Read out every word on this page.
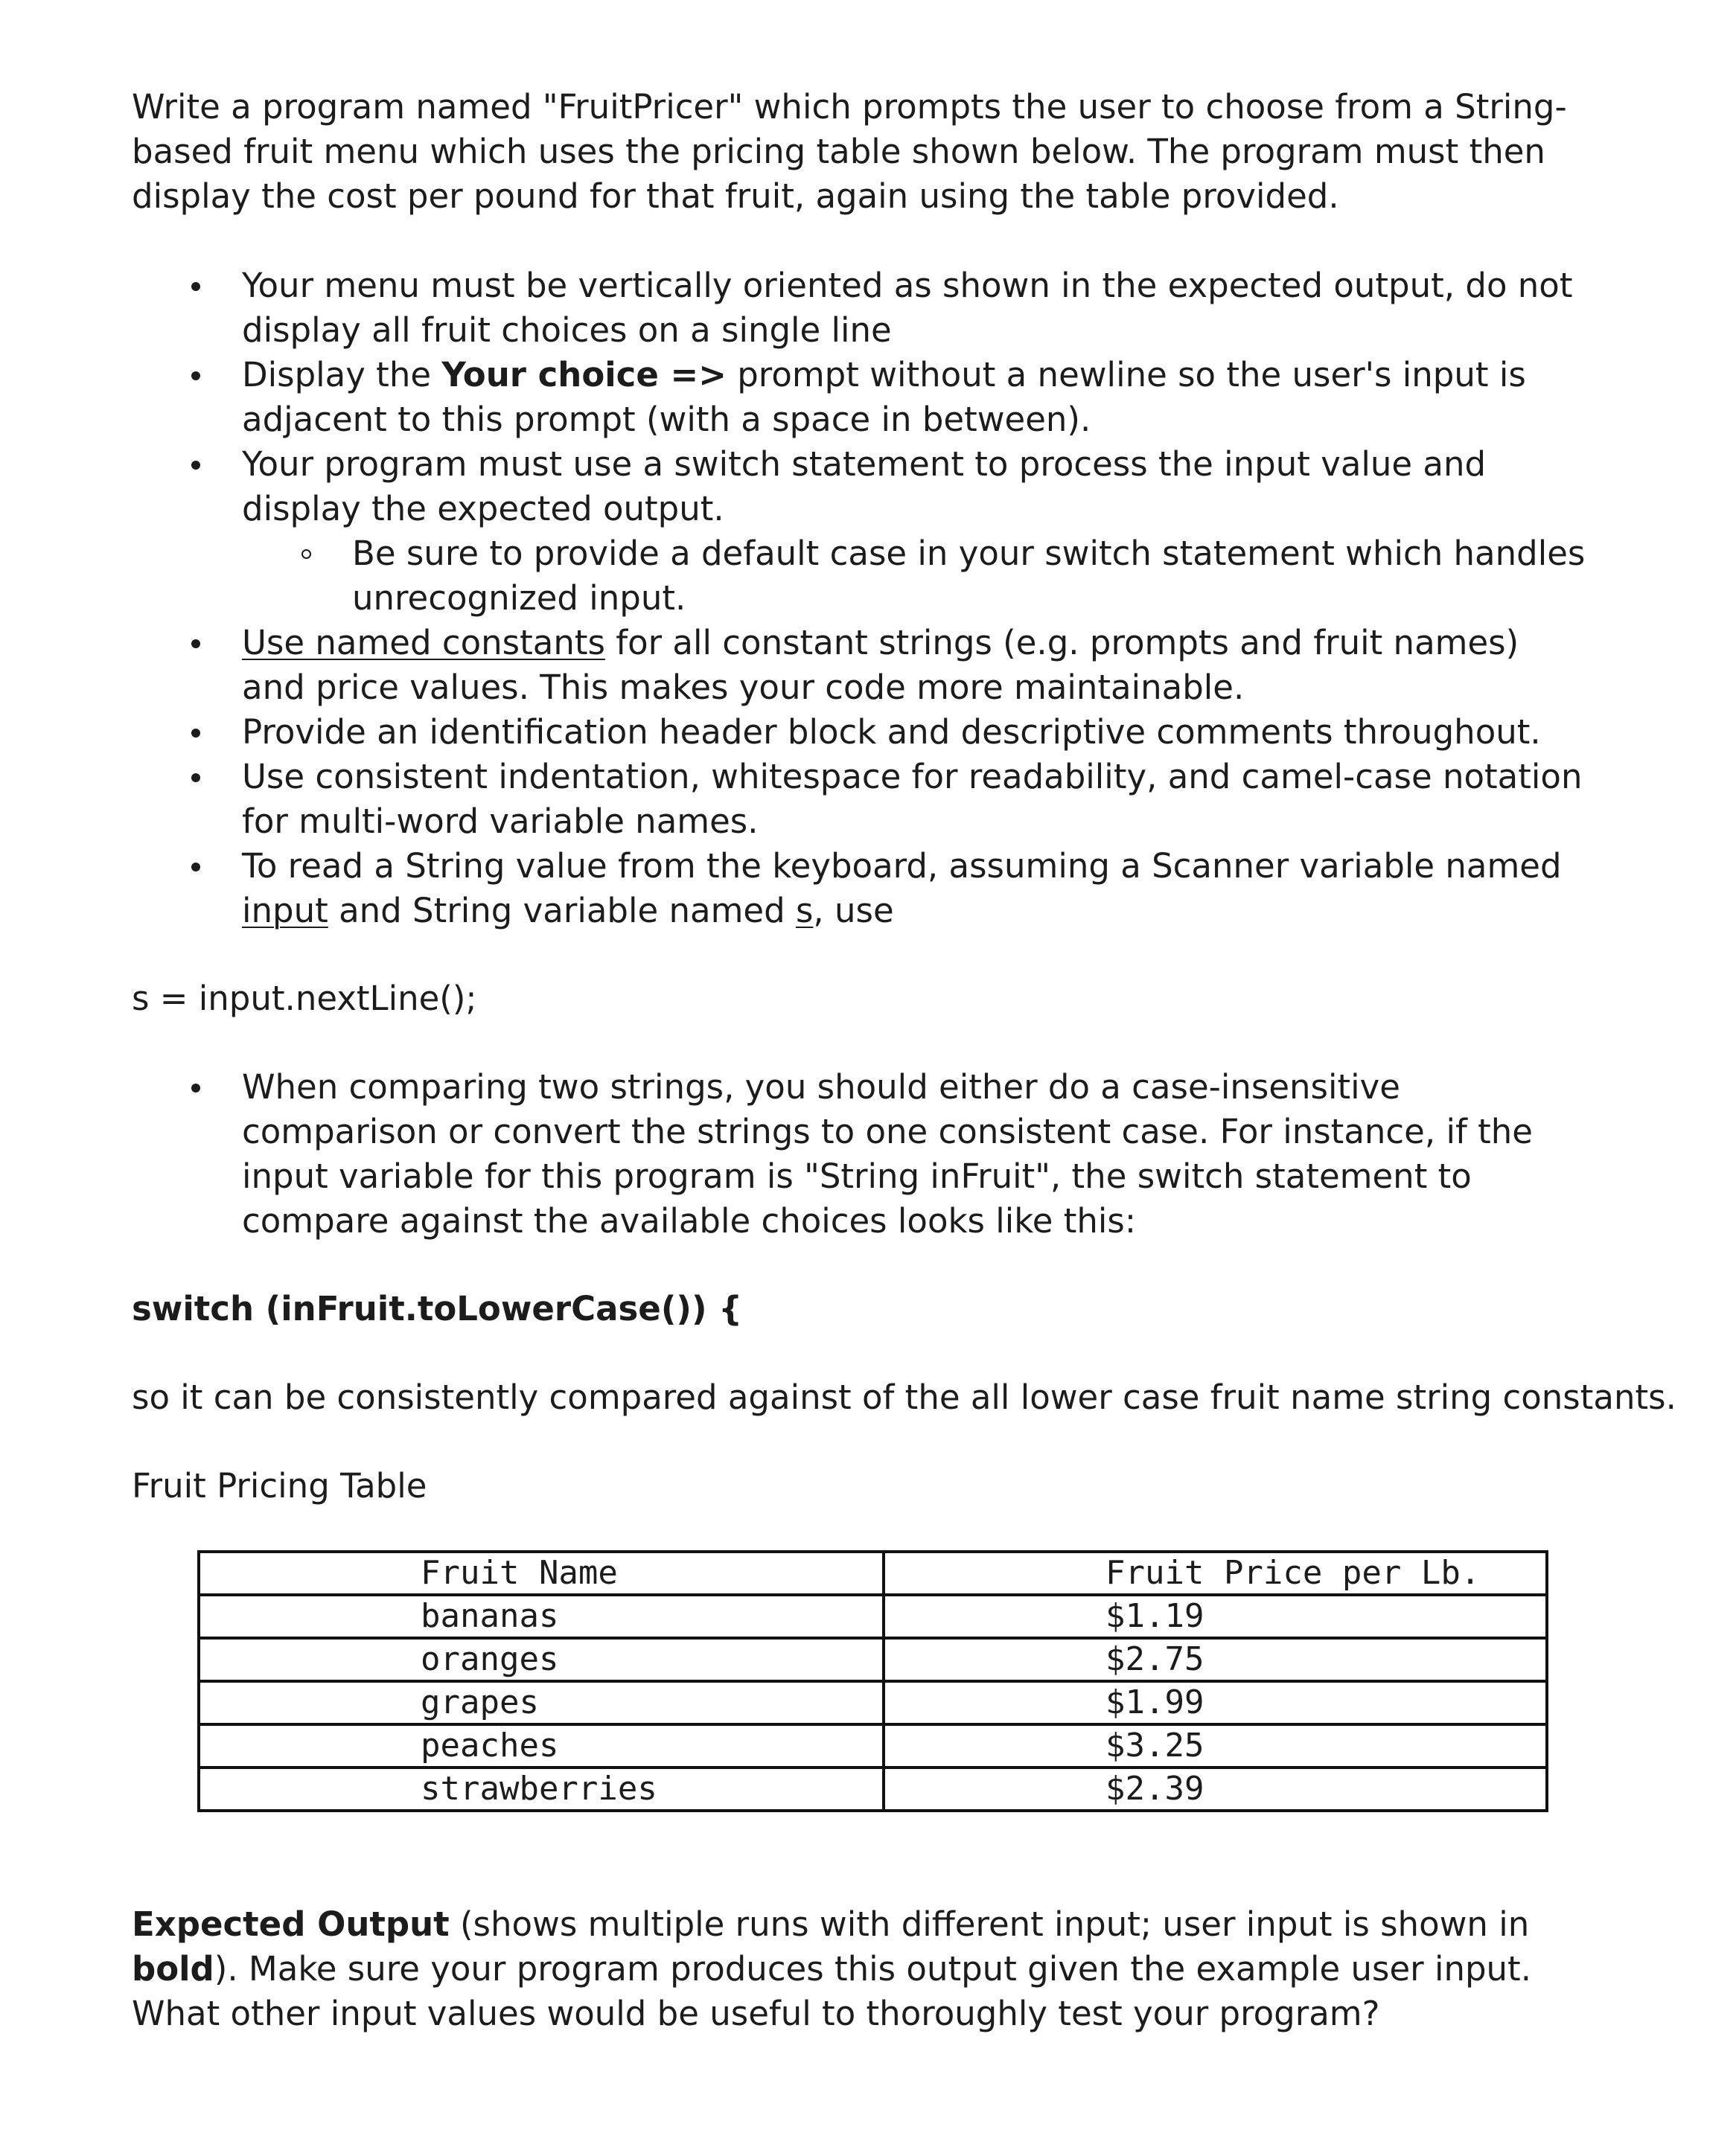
Write a program named "FruitPricer" which prompts the user to choose from a String-based fruit menu which uses the pricing table shown below. The program must then display the cost per pound for that fruit, again using the table provided.

Your menu must be vertically oriented as shown in the expected output, do not display all fruit choices on a single line
Display the Your choice => prompt without a newline so the user's input is adjacent to this prompt (with a space in between).
Your program must use a switch statement to process the input value and display the expected output.
Be sure to provide a default case in your switch statement which handles unrecognized input.
Use named constants for all constant strings (e.g. prompts and fruit names) and price values. This makes your code more maintainable.
Provide an identification header block and descriptive comments throughout.
Use consistent indentation, whitespace for readability, and camel-case notation for multi-word variable names.
To read a String value from the keyboard, assuming a Scanner variable named input and String variable named s, use

s = input.nextLine();

When comparing two strings, you should either do a case-insensitive comparison or convert the strings to one consistent case. For instance, if the input variable for this program is "String inFruit", the switch statement to compare against the available choices looks like this:

switch (inFruit.toLowerCase()) {

so it can be consistently compared against of the all lower case fruit name string constants.

Fruit Pricing Table

Fruit Name	Fruit Price per Lb.
bananas	$1.19
oranges	$2.75
grapes	$1.99
peaches	$3.25
strawberries	$2.39

Expected Output (shows multiple runs with different input; user input is shown in bold). Make sure your program produces this output given the example user input. What other input values would be useful to thoroughly test your program?
